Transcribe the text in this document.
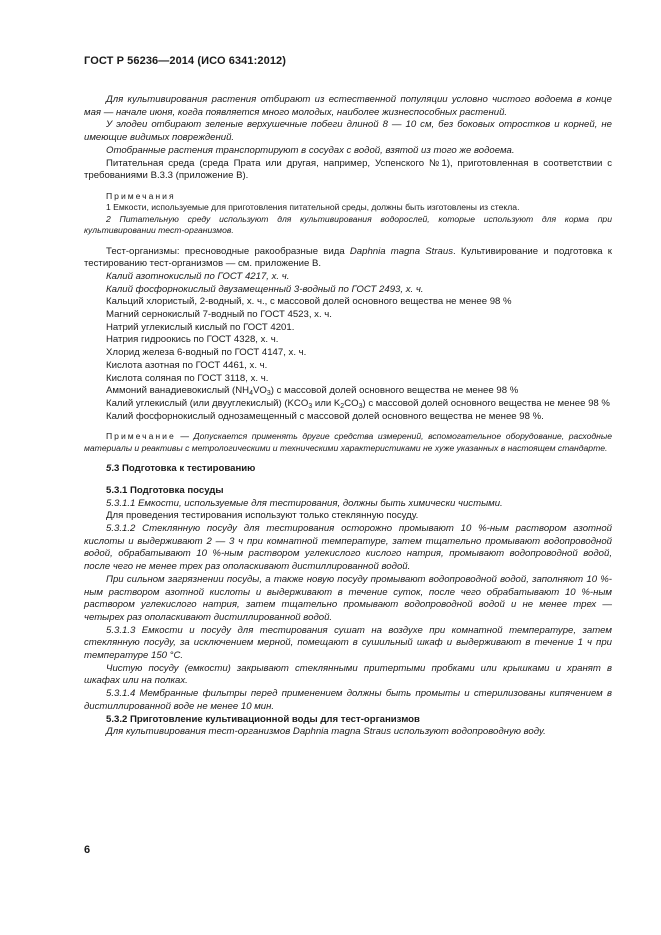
ГОСТ Р 56236—2014 (ИСО 6341:2012)

Для культивирования растения отбирают из естественной популяции условно чистого водоема в конце мая — начале июня, когда появляется много молодых, наиболее жизнеспособных растений.

У элодеи отбирают зеленые верхушечные побеги длиной 8 — 10 см, без боковых отростков и корней, не имеющие видимых повреждений.

Отобранные растения транспортируют в сосудах с водой, взятой из того же водоема.

Питательная среда (среда Прата или другая, например, Успенского №1), приготовленная в соответствии с требованиями В.3.3 (приложение В).

Примечания

1 Емкости, используемые для приготовления питательной среды, должны быть изготовлены из стекла.

2 Питательную среду используют для культивирования водорослей, которые используют для корма при культивировании тест-организмов.

Тест-организмы: пресноводные ракообразные вида Daphnia magna Straus. Культивирование и подготовка к тестированию тест-организмов — см. приложение В.

Калий азотнокислый по ГОСТ 4217, х. ч.

Калий фосфорнокислый двузамещенный 3-водный по ГОСТ 2493, х. ч.

Кальций хлористый, 2-водный, х. ч., с массовой долей основного вещества не менее 98 %

Магний сернокислый 7-водный по ГОСТ 4523, х. ч.

Натрий углекислый кислый по ГОСТ 4201.

Натрия гидроокись по ГОСТ 4328, х. ч.

Хлорид железа 6-водный по ГОСТ 4147, х. ч.

Кислота азотная по ГОСТ 4461, х. ч.

Кислота соляная по ГОСТ 3118, х. ч.

Аммоний ванадиевокислый $(NH_4VO_3)$ с массовой долей основного вещества не менее 98 %

Калий углекислый (или двууглекислый) ($KCO_3$ или $K_2CO_3$) с массовой долей основного вещества не менее 98 %

Калий фосфорнокислый однозамещенный с массовой долей основного вещества не менее 98 %.

Примечание — Допускается применять другие средства измерений, вспомогательное оборудование, расходные материалы и реактивы с метрологическими и техническими характеристиками не хуже указанных в настоящем стандарте.

5.3 Подготовка к тестированию

5.3.1 Подготовка посуды

5.3.1.1 Емкости, используемые для тестирования, должны быть химически чистыми.

Для проведения тестирования используют только стеклянную посуду.

5.3.1.2 Стеклянную посуду для тестирования осторожно промывают 10 %-ным раствором азотной кислоты и выдерживают 2 — 3 ч при комнатной температуре, затем тщательно промывают водопроводной водой, обрабатывают 10 %-ным раствором углекислого кислого натрия, промывают водопроводной водой, после чего не менее трех раз ополаскивают дистиллированной водой.

При сильном загрязнении посуды, а также новую посуду промывают водопроводной водой, заполняют 10 %-ным раствором азотной кислоты и выдерживают в течение суток, после чего обрабатывают 10 %-ным раствором углекислого натрия, затем тщательно промывают водопроводной водой и не менее трех — четырех раз ополаскивают дистиллированной водой.

5.3.1.3 Емкости и посуду для тестирования сушат на воздухе при комнатной температуре, затем стеклянную посуду, за исключением мерной, помещают в сушильный шкаф и выдерживают в течение 1 ч при температуре 150 °С.

Чистую посуду (емкости) закрывают стеклянными притертыми пробками или крышками и хранят в шкафах или на полках.

5.3.1.4 Мембранные фильтры перед применением должны быть промыты и стерилизованы кипячением в дистиллированной воде не менее 10 мин.

5.3.2 Приготовление культивационной воды для тест-организмов

Для культивирования тест-организмов Daphnia magna Straus используют водопроводную воду.

6
